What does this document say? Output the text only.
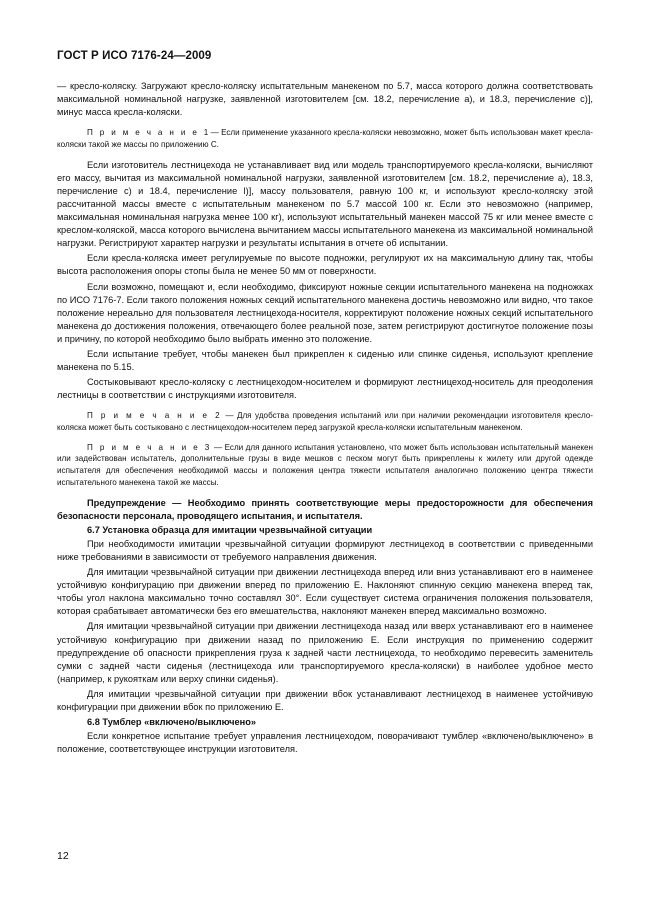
ГОСТ Р ИСО 7176-24—2009

— кресло-коляску. Загружают кресло-коляску испытательным манекеном по 5.7, масса которого должна соответствовать максимальной номинальной нагрузке, заявленной изготовителем [см. 18.2, перечисление а), и 18.3, перечисление с)], минус масса кресла-коляски.

П р и м е ч а н и е 1— Если применение указанного кресла-коляски невозможно, может быть использован макет кресла-коляски такой же массы по приложению С.

Если изготовитель лестницехода не устанавливает вид или модель транспортируемого кресла-коляски, вычисляют его массу, вычитая из максимальной номинальной нагрузки, заявленной изготовителем [см. 18.2, перечисление а), 18.3, перечисление с) и 18.4, перечисление l)], массу пользователя, равную 100 кг, и используют кресло-коляску этой рассчитанной массы вместе с испытательным манекеном по 5.7 массой 100 кг. Если это невозможно (например, максимальная номинальная нагрузка менее 100 кг), используют испытательный манекен массой 75 кг или менее вместе с креслом-коляской, масса которого вычислена вычитанием массы испытательного манекена из максимальной номинальной нагрузки. Регистрируют характер нагрузки и результаты испытания в отчете об испытании.

Если кресла-коляска имеет регулируемые по высоте подножки, регулируют их на максимальную длину так, чтобы высота расположения опоры стопы была не менее 50 мм от поверхности.

Если возможно, помещают и, если необходимо, фиксируют ножные секции испытательного манекена на подножках по ИСО 7176-7. Если такого положения ножных секций испытательного манекена достичь невозможно или видно, что такое положение нереально для пользователя лестницехода-носителя, корректируют положение ножных секций испытательного манекена до достижения положения, отвечающего более реальной позе, затем регистрируют достигнутое положение позы и причину, по которой необходимо было выбрать именно это положение.

Если испытание требует, чтобы манекен был прикреплен к сиденью или спинке сиденья, используют крепление манекена по 5.15.

Состыковывают кресло-коляску с лестницеходом-носителем и формируют лестницеход-носитель для преодоления лестницы в соответствии с инструкциями изготовителя.

П р и м е ч а н и е 2 — Для удобства проведения испытаний или при наличии рекомендации изготовителя кресло-коляска может быть состыковано с лестницеходом-носителем перед загрузкой кресла-коляски испытательным манекеном.

П р и м е ч а н и е 3 — Если для данного испытания установлено, что может быть использован испытательный манекен или задействован испытатель, дополнительные грузы в виде мешков с песком могут быть прикреплены к жилету или другой одежде испытателя для обеспечения необходимой массы и положения центра тяжести испытателя аналогично положению центра тяжести испытательного манекена такой же массы.

Предупреждение — Необходимо принять соответствующие меры предосторожности для обеспечения безопасности персонала, проводящего испытания, и испытателя.

6.7 Установка образца для имитации чрезвычайной ситуации

При необходимости имитации чрезвычайной ситуации формируют лестницеход в соответствии с приведенными ниже требованиями в зависимости от требуемого направления движения.

Для имитации чрезвычайной ситуации при движении лестницехода вперед или вниз устанавливают его в наименее устойчивую конфигурацию при движении вперед по приложению Е. Наклоняют спинную секцию манекена вперед так, чтобы угол наклона максимально точно составлял 30°. Если существует система ограничения положения пользователя, которая срабатывает автоматически без его вмешательства, наклоняют манекен вперед максимально возможно.

Для имитации чрезвычайной ситуации при движении лестницехода назад или вверх устанавливают его в наименее устойчивую конфигурацию при движении назад по приложению Е. Если инструкция по применению содержит предупреждение об опасности прикрепления груза к задней части лестницехода, то необходимо перевесить заменитель сумки с задней части сиденья (лестницехода или транспортируемого кресла-коляски) в наиболее удобное место (например, к рукояткам или верху спинки сиденья).

Для имитации чрезвычайной ситуации при движении вбок устанавливают лестницеход в наименее устойчивую конфигурации при движении вбок по приложению Е.

6.8 Тумблер «включено/выключено»

Если конкретное испытание требует управления лестницеходом, поворачивают тумблер «включено/выключено» в положение, соответствующее инструкции изготовителя.

12
